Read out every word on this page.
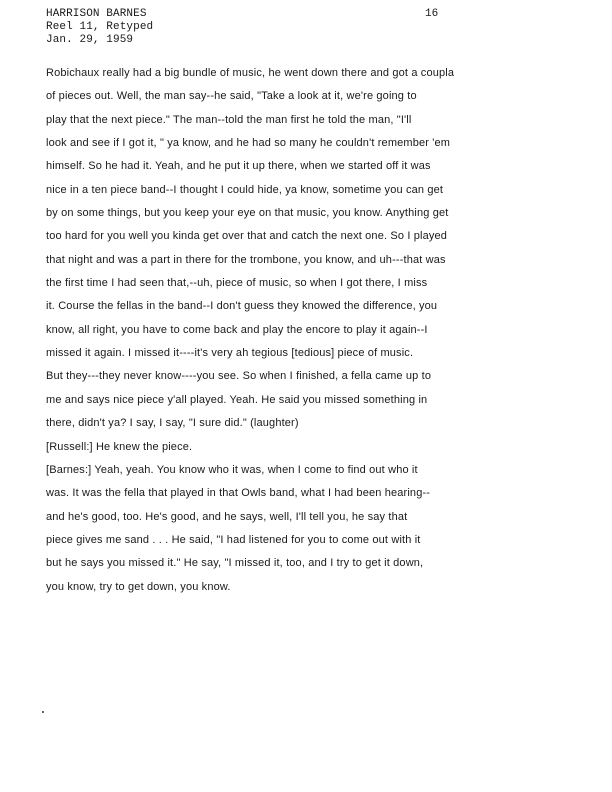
HARRISON BARNES
Reel 11, Retyped
Jan. 29, 1959
16
Robichaux really had a big bundle of music, he went down there and got a coupla
of pieces out. Well, the man say--he said, "Take a look at it, we're going to
play that the next piece." The man--told the man first he told the man, "I'll
look and see if I got it, " ya know, and he had so many he couldn't remember 'em
himself. So he had it. Yeah, and he put it up there, when we started off it was
nice in a ten piece band--I thought I could hide, ya know, sometime you can get
by on some things, but you keep your eye on that music, you know. Anything get
too hard for you well you kinda get over that and catch the next one. So I played
that night and was a part in there for the trombone, you know, and uh---that was
the first time I had seen that,--uh, piece of music, so when I got there, I miss
it. Course the fellas in the band--I don't guess they knowed the difference, you
know, all right, you have to come back and play the encore to play it again--I
missed it again. I missed it----it's very ah tegious [tedious] piece of music.
But they---they never know----you see. So when I finished, a fella came up to
me and says nice piece y'all played. Yeah. He said you missed something in
there, didn't ya? I say, I say, "I sure did." (laughter)
[Russell:] He knew the piece.
[Barnes:] Yeah, yeah. You know who it was, when I come to find out who it
was. It was the fella that played in that Owls band, what I had been hearing--
and he's good, too. He's good, and he says, well, I'll tell you, he say that
piece gives me sand . . . He said, "I had listened for you to come out with it
but he says you missed it." He say, "I missed it, too, and I try to get it down,
you know, try to get down, you know.
